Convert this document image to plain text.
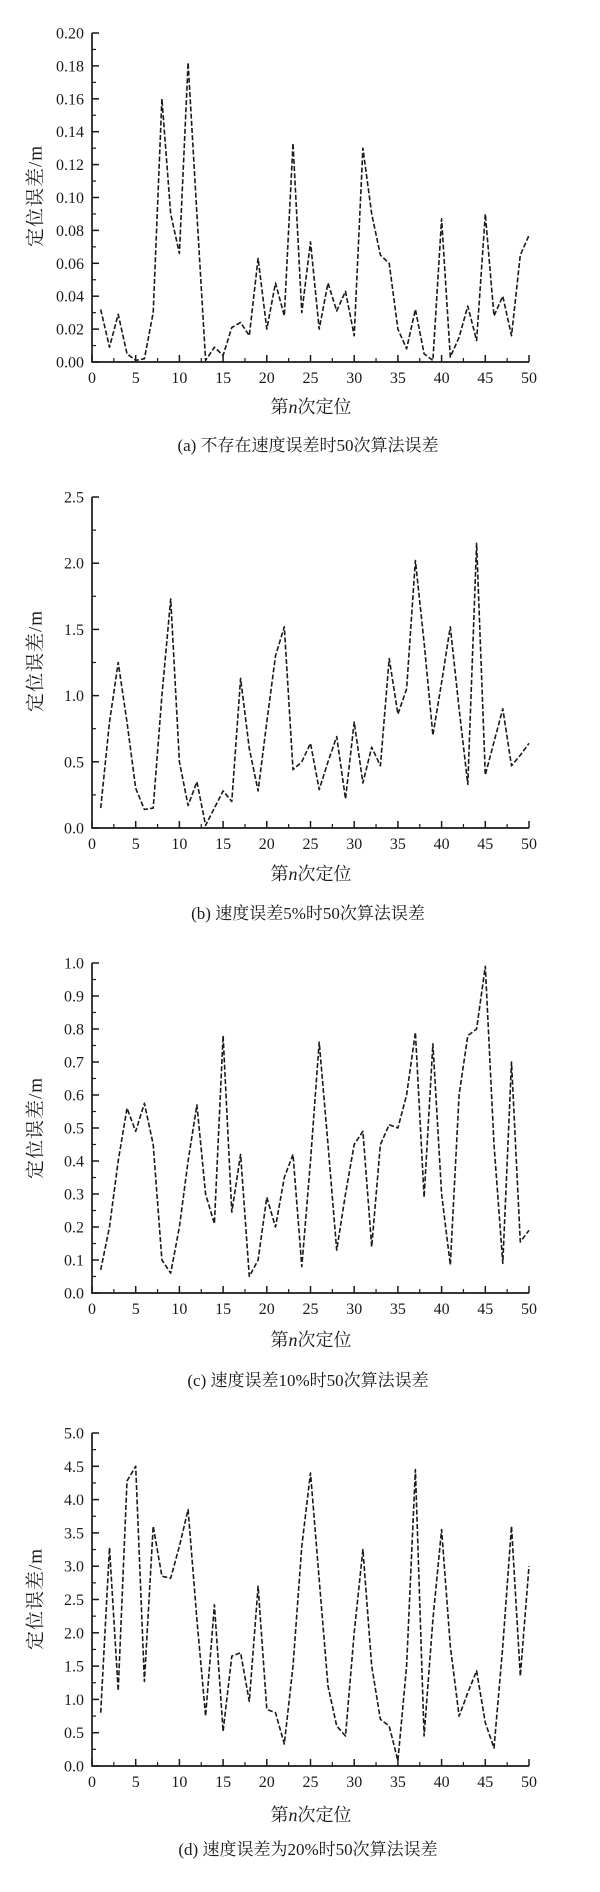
0.00
0.02
0.04
0.06
0.08
0.10
0.12
0.14
0.16
0.18
0.20
0 5 10 15 20 25 30 35 40 45 50
定位误差/m
第n次定位
(a) 不存在速度误差时50次算法误差
0.0
0.5
1.0
1.5
2.0
2.5
0 5 10 15 20 25 30 35 40 45 50
定位误差/m
第n次定位
(b) 速度误差5%时50次算法误差
0.0
0.1
0.2
0.3
0.4
0.5
0.6
0.7
0.8
0.9
1.0
0 5 10 15 20 25 30 35 40 45 50
定位误差/m
第n次定位
(c) 速度误差10%时50次算法误差
0.0
0.5
1.0
1.5
2.0
2.5
3.0
3.5
4.0
4.5
5.0
0 5 10 15 20 25 30 35 40 45 50
定位误差/m
第n次定位
(d) 速度误差为20%时50次算法误差
